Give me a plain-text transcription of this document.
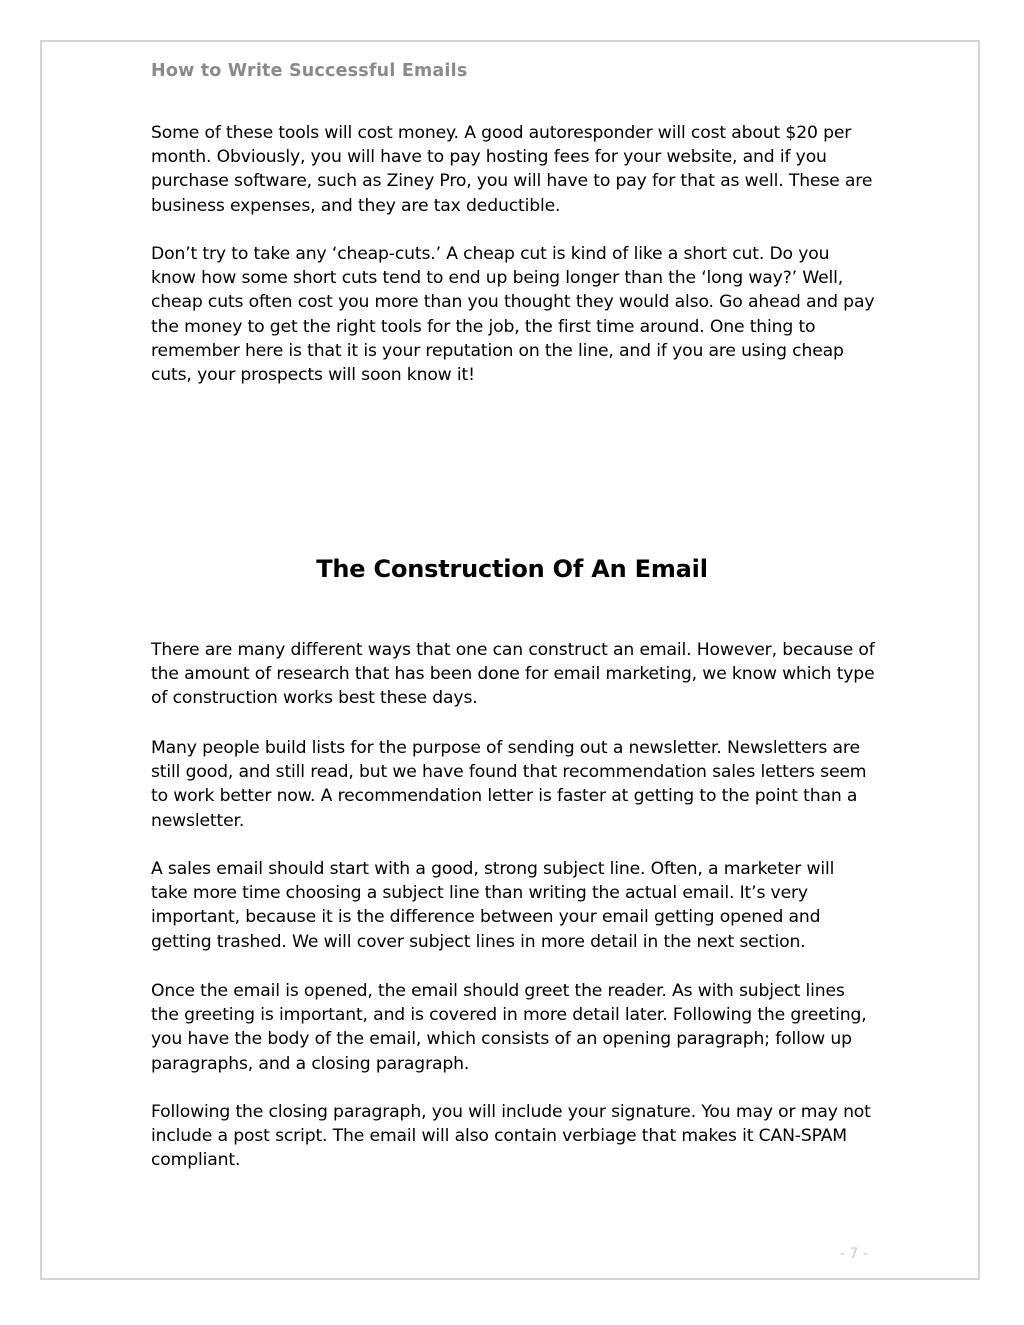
How to Write Successful Emails

Some of these tools will cost money. A good autoresponder will cost about $20 per month. Obviously, you will have to pay hosting fees for your website, and if you purchase software, such as Ziney Pro, you will have to pay for that as well. These are business expenses, and they are tax deductible.

Don’t try to take any ‘cheap-cuts.’ A cheap cut is kind of like a short cut. Do you know how some short cuts tend to end up being longer than the ‘long way?’ Well, cheap cuts often cost you more than you thought they would also. Go ahead and pay the money to get the right tools for the job, the first time around. One thing to remember here is that it is your reputation on the line, and if you are using cheap cuts, your prospects will soon know it!

The Construction Of An Email

There are many different ways that one can construct an email. However, because of the amount of research that has been done for email marketing, we know which type of construction works best these days.

Many people build lists for the purpose of sending out a newsletter. Newsletters are still good, and still read, but we have found that recommendation sales letters seem to work better now. A recommendation letter is faster at getting to the point than a newsletter.

A sales email should start with a good, strong subject line. Often, a marketer will take more time choosing a subject line than writing the actual email. It’s very important, because it is the difference between your email getting opened and getting trashed. We will cover subject lines in more detail in the next section.

Once the email is opened, the email should greet the reader. As with subject lines the greeting is important, and is covered in more detail later. Following the greeting, you have the body of the email, which consists of an opening paragraph; follow up paragraphs, and a closing paragraph.

Following the closing paragraph, you will include your signature. You may or may not include a post script. The email will also contain verbiage that makes it CAN-SPAM compliant.

- 7 -
